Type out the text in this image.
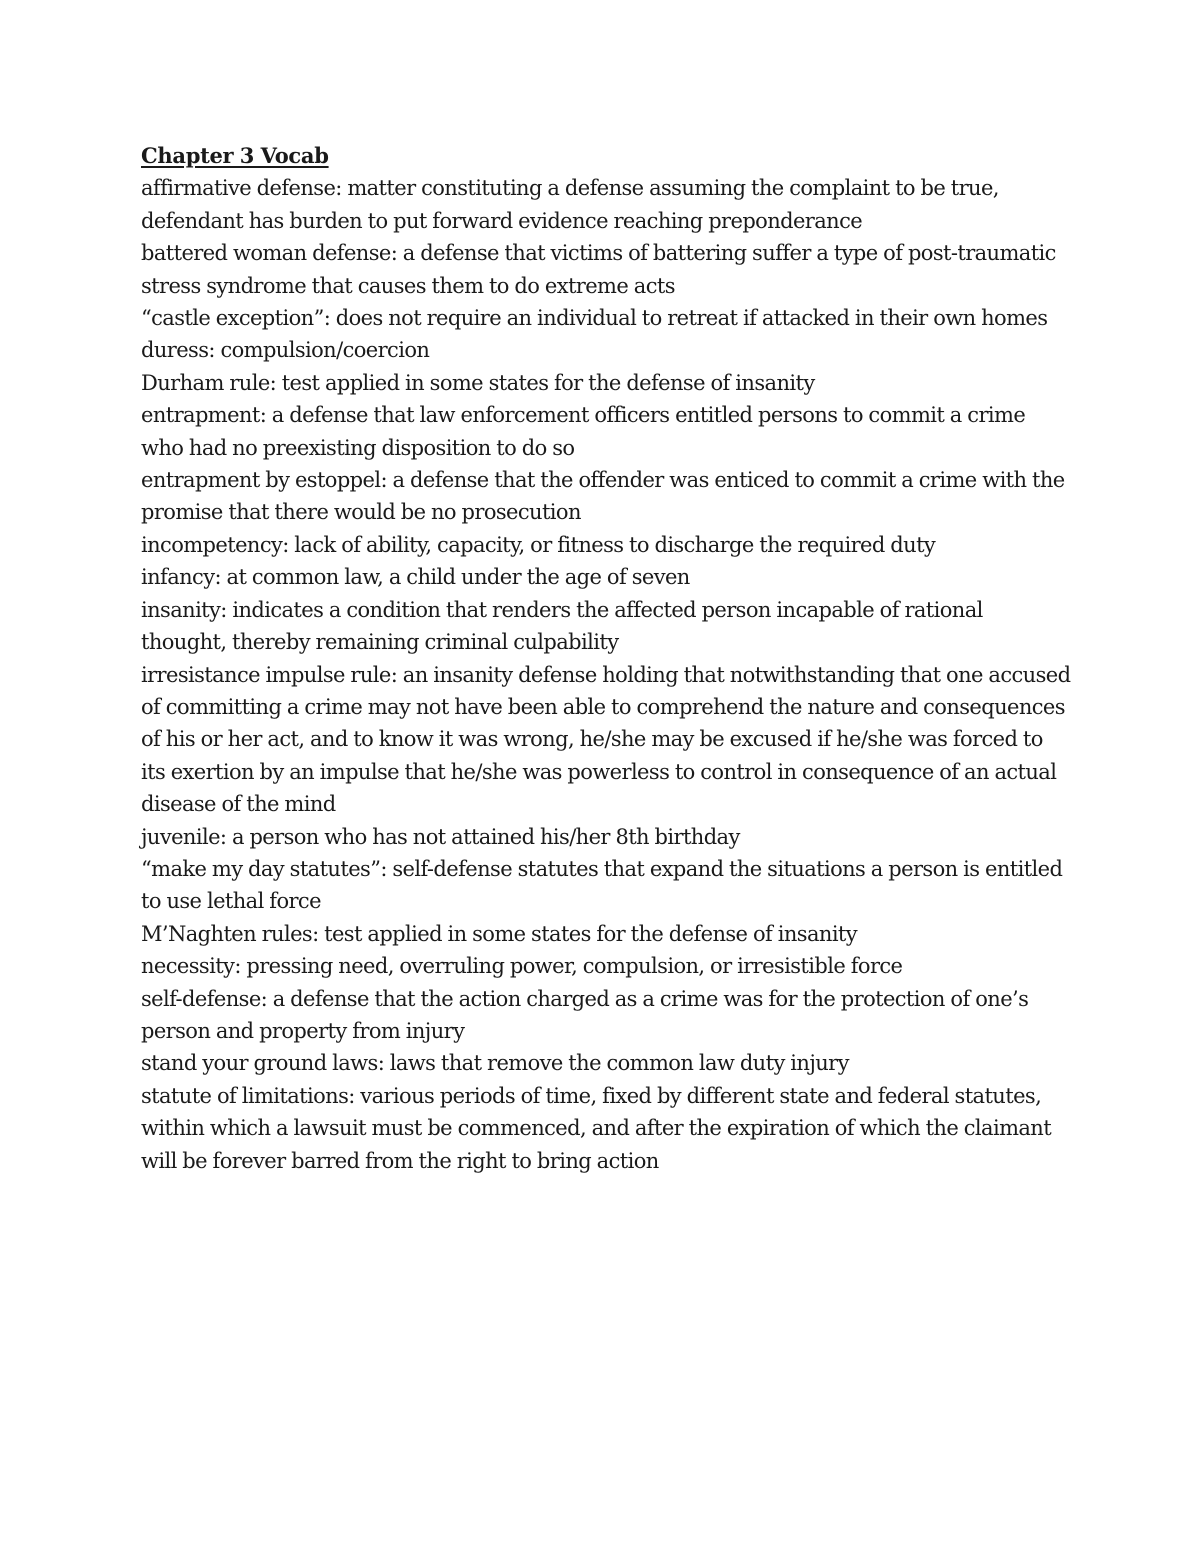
Chapter 3 Vocab
affirmative defense: matter constituting a defense assuming the complaint to be true, defendant has burden to put forward evidence reaching preponderance
battered woman defense: a defense that victims of battering suffer a type of post-traumatic stress syndrome that causes them to do extreme acts
“castle exception”: does not require an individual to retreat if attacked in their own homes
duress: compulsion/coercion
Durham rule: test applied in some states for the defense of insanity
entrapment: a defense that law enforcement officers entitled persons to commit a crime who had no preexisting disposition to do so
entrapment by estoppel: a defense that the offender was enticed to commit a crime with the promise that there would be no prosecution
incompetency: lack of ability, capacity, or fitness to discharge the required duty
infancy: at common law, a child under the age of seven
insanity: indicates a condition that renders the affected person incapable of rational thought, thereby remaining criminal culpability
irresistance impulse rule: an insanity defense holding that notwithstanding that one accused of committing a crime may not have been able to comprehend the nature and consequences of his or her act, and to know it was wrong, he/she may be excused if he/she was forced to its exertion by an impulse that he/she was powerless to control in consequence of an actual disease of the mind
juvenile: a person who has not attained his/her 8th birthday
“make my day statutes”: self-defense statutes that expand the situations a person is entitled to use lethal force
M’Naghten rules: test applied in some states for the defense of insanity
necessity: pressing need, overruling power, compulsion, or irresistible force
self-defense: a defense that the action charged as a crime was for the protection of one’s person and property from injury
stand your ground laws: laws that remove the common law duty injury
statute of limitations: various periods of time, fixed by different state and federal statutes, within which a lawsuit must be commenced, and after the expiration of which the claimant will be forever barred from the right to bring action
